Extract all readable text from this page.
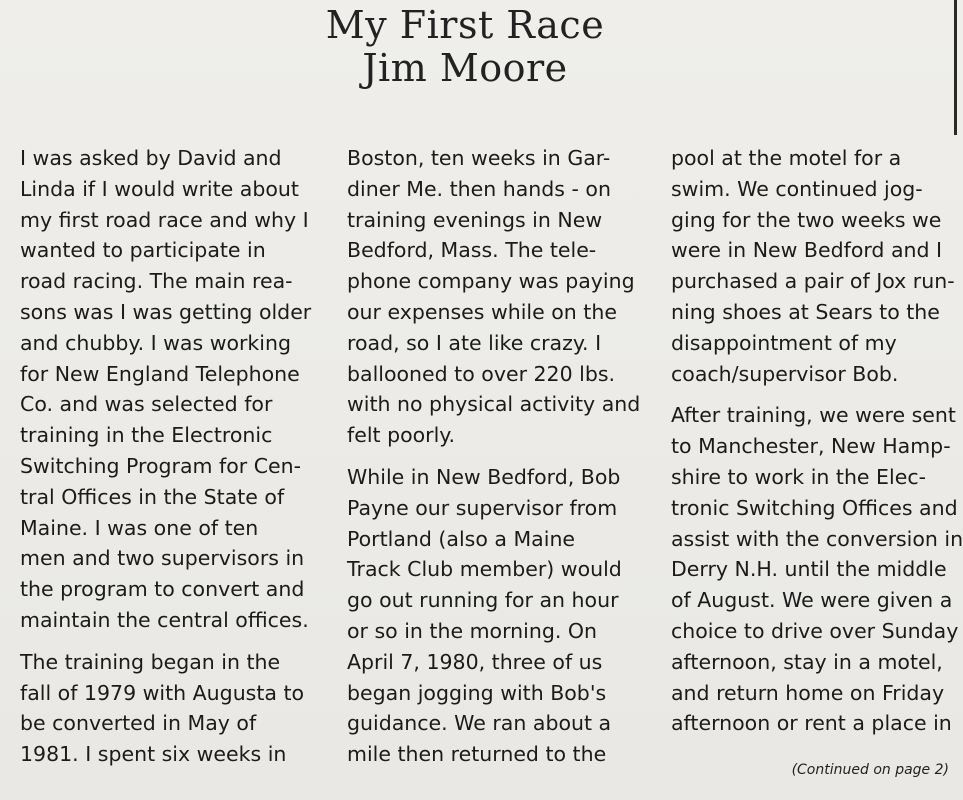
My First Race
Jim Moore

I was asked by David and
Linda if I would write about
my first road race and why I
wanted to participate in
road racing. The main rea-
sons was I was getting older
and chubby. I was working
for New England Telephone
Co. and was selected for
training in the Electronic
Switching Program for Cen-
tral Offices in the State of
Maine. I was one of ten
men and two supervisors in
the program to convert and
maintain the central offices.

The training began in the
fall of 1979 with Augusta to
be converted in May of
1981. I spent six weeks in

Boston, ten weeks in Gar-
diner Me. then hands - on
training evenings in New
Bedford, Mass. The tele-
phone company was paying
our expenses while on the
road, so I ate like crazy. I
ballooned to over 220 lbs.
with no physical activity and
felt poorly.

While in New Bedford, Bob
Payne our supervisor from
Portland (also a Maine
Track Club member) would
go out running for an hour
or so in the morning. On
April 7, 1980, three of us
began jogging with Bob's
guidance. We ran about a
mile then returned to the

pool at the motel for a
swim. We continued jog-
ging for the two weeks we
were in New Bedford and I
purchased a pair of Jox run-
ning shoes at Sears to the
disappointment of my
coach/supervisor Bob.

After training, we were sent
to Manchester, New Hamp-
shire to work in the Elec-
tronic Switching Offices and
assist with the conversion in
Derry N.H. until the middle
of August. We were given a
choice to drive over Sunday
afternoon, stay in a motel,
and return home on Friday
afternoon or rent a place in

(Continued on page 2)
